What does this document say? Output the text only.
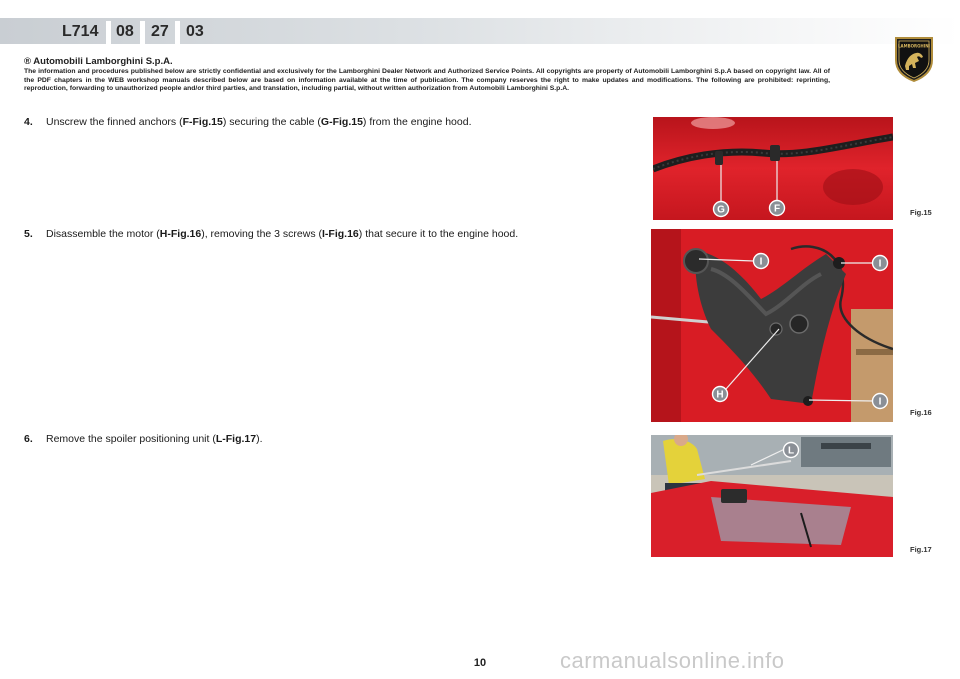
L714 08 27 03
LAMBORGHINI
® Automobili Lamborghini S.p.A.
The information and procedures published below are strictly confidential and exclusively for the Lamborghini Dealer Network and Authorized Service Points. All copyrights are property of Automobili Lamborghini S.p.A based on copyright law. All of the PDF chapters in the WEB workshop manuals described below are based on information available at the time of publication. The company reserves the right to make updates and modifications. The following are prohibited: reprinting, reproduction, forwarding to unauthorized people and/or third parties, and translation, including partial, without written authorization from Automobili Lamborghini S.p.A.
4. Unscrew the finned anchors (F-Fig.15) securing the cable (G-Fig.15) from the engine hood.
5. Disassemble the motor (H-Fig.16), removing the 3 screws (I-Fig.16) that secure it to the engine hood.
6. Remove the spoiler positioning unit (L-Fig.17).
G	F	Fig.15
I	I
H
I
Fig.16
L
Fig.17
10	carmanualsonline.info
